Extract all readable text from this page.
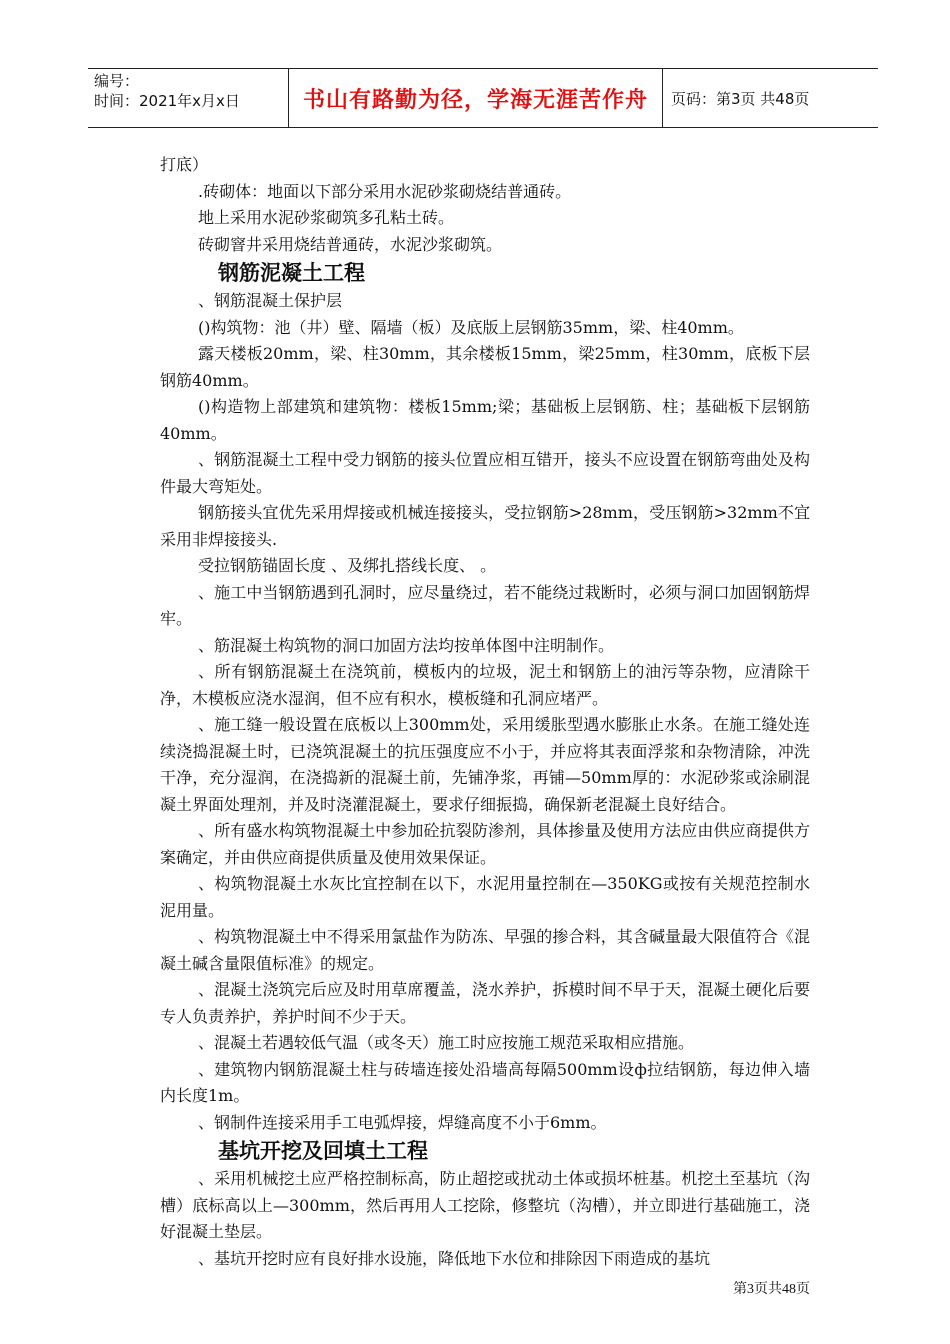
编号：
时间：2021年x月x日	书山有路勤为径，学海无涯苦作舟	页码：第3页 共48页

打底）

.砖砌体：地面以下部分采用水泥砂浆砌烧结普通砖。

地上采用水泥砂浆砌筑多孔粘土砖。

砖砌窨井采用烧结普通砖，水泥沙浆砌筑。

钢筋泥凝土工程

、钢筋混凝土保护层

()构筑物：池（井）壁、隔墙（板）及底版上层钢筋35mm，梁、柱40mm。

露天楼板20mm，梁、柱30mm，其余楼板15mm，梁25mm，柱30mm，底板下层钢筋40mm。

()构造物上部建筑和建筑物：楼板15mm;梁；基础板上层钢筋、柱；基础板下层钢筋40mm。

、钢筋混凝土工程中受力钢筋的接头位置应相互错开，接头不应设置在钢筋弯曲处及构件最大弯矩处。

钢筋接头宜优先采用焊接或机械连接接头，受拉钢筋>28mm，受压钢筋>32mm不宜采用非焊接接头.

受拉钢筋锚固长度 、及绑扎搭线长度、 。

、施工中当钢筋遇到孔洞时，应尽量绕过，若不能绕过栽断时，必须与洞口加固钢筋焊牢。

、筋混凝土构筑物的洞口加固方法均按单体图中注明制作。

、所有钢筋混凝土在浇筑前，模板内的垃圾，泥土和钢筋上的油污等杂物，应清除干净，木模板应浇水湿润，但不应有积水，模板缝和孔洞应堵严。

、施工缝一般设置在底板以上300mm处，采用缓胀型遇水膨胀止水条。在施工缝处连续浇捣混凝土时，已浇筑混凝土的抗压强度应不小于，并应将其表面浮浆和杂物清除，冲洗干净，充分湿润，在浇捣新的混凝土前，先铺净浆，再铺—50mm厚的：水泥砂浆或涂刷混凝土界面处理剂，并及时浇灌混凝土，要求仔细振捣，确保新老混凝土良好结合。

、所有盛水构筑物混凝土中参加砼抗裂防渗剂，具体掺量及使用方法应由供应商提供方案确定，并由供应商提供质量及使用效果保证。

、构筑物混凝土水灰比宜控制在以下，水泥用量控制在—350KG或按有关规范控制水泥用量。

、构筑物混凝土中不得采用氯盐作为防冻、早强的掺合料，其含碱量最大限值符合《混凝土碱含量限值标准》的规定。

、混凝土浇筑完后应及时用草席覆盖，浇水养护，拆模时间不早于天，混凝土硬化后要专人负责养护，养护时间不少于天。

、混凝土若遇较低气温（或冬天）施工时应按施工规范采取相应措施。

、建筑物内钢筋混凝土柱与砖墙连接处沿墙高每隔500mm设ф拉结钢筋，每边伸入墙内长度1m。

、钢制件连接采用手工电弧焊接，焊缝高度不小于6mm。

基坑开挖及回填土工程

、采用机械挖土应严格控制标高，防止超挖或扰动土体或损坏桩基。机挖土至基坑（沟槽）底标高以上—300mm，然后再用人工挖除，修整坑（沟槽），并立即进行基础施工，浇好混凝土垫层。

、基坑开挖时应有良好排水设施，降低地下水位和排除因下雨造成的基坑

第3页共48页
